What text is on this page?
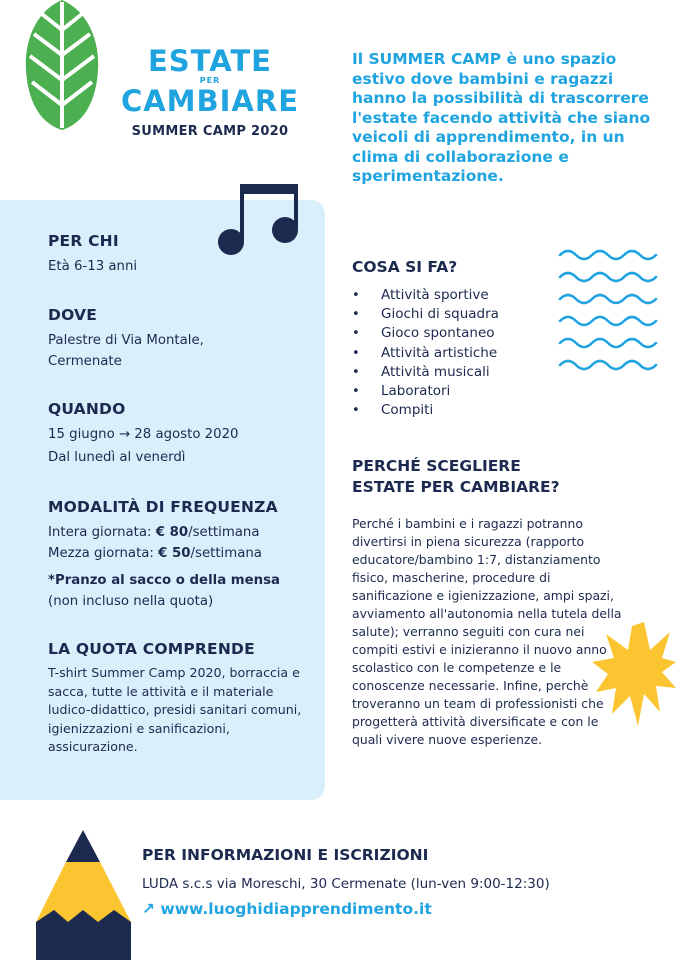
ESTATE
PER
CAMBIARE
SUMMER CAMP 2020
Il SUMMER CAMP è uno spazio estivo dove bambini e ragazzi hanno la possibilità di trascorrere l'estate facendo attività che siano veicoli di apprendimento, in un clima di collaborazione e sperimentazione.
PER CHI

Età 6-13 anni

DOVE
Palestre di Via Montale,
Cermenate
QUANDO
15 giugno → 28 agosto 2020
Dal lunedì al venerdì
MODALITÀ DI FREQUENZA
Intera giornata: € 80/settimana
Mezza giornata: € 50/settimana
*Pranzo al sacco o della mensa
(non incluso nella quota)
LA QUOTA COMPRENDE

T-shirt Summer Camp 2020, borraccia e sacca, tutte le attività e il materiale ludico-didattico, presidi sanitari comuni, igienizzazioni e sanificazioni, assicurazione.

COSA SI FA?
• Attività sportive
• Giochi di squadra
• Gioco spontaneo
• Attività artistiche
• Attività musicali
• Laboratori
• Compiti
PERCHÉ SCEGLIERE
ESTATE PER CAMBIARE?

Perché i bambini e i ragazzi potranno divertirsi in piena sicurezza (rapporto educatore/bambino 1:7, distanziamento fisico, mascherine, procedure di sanificazione e igienizzazione, ampi spazi, avviamento all'autonomia nella tutela della salute); verranno seguiti con cura nei compiti estivi e inizieranno il nuovo anno scolastico con le competenze e le conoscenze necessarie. Infine, perchè troveranno un team di professionisti che progetterà attività diversificate e con le quali vivere nuove esperienze.

PER INFORMAZIONI E ISCRIZIONI
LUDA s.c.s via Moreschi, 30 Cermenate (lun-ven 9:00-12:30)
↗ www.luoghidiapprendimento.it
